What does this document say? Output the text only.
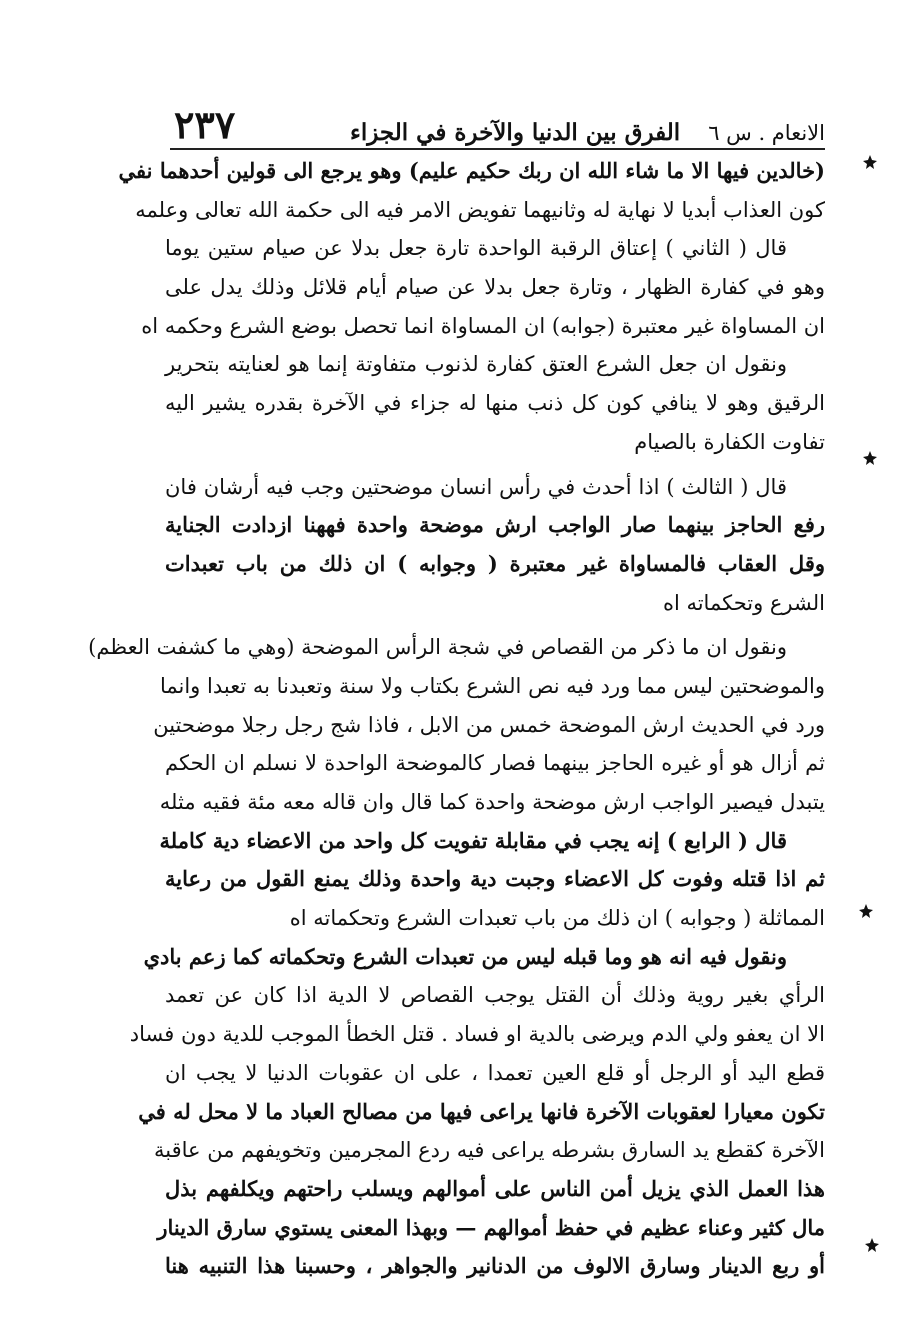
الانعام . س ٦
الفرق بين الدنيا والآخرة في الجزاء
٢٣٧
(خالدين فيها الا ما شاء الله ان ربك حكيم عليم) وهو يرجع الى قولين أحدهما نفي
كون العذاب أبديا لا نهاية له وثانيهما تفويض الامر فيه الى حكمة الله تعالى وعلمه
قال ( الثاني ) إعتاق الرقبة الواحدة تارة جعل بدلا عن صيام ستين يوما
وهو في كفارة الظهار ، وتارة جعل بدلا عن صيام أيام قلائل وذلك يدل على
ان المساواة غير معتبرة (جوابه) ان المساواة انما تحصل بوضع الشرع وحكمه اه
ونقول ان جعل الشرع العتق كفارة لذنوب متفاوتة إنما هو لعنايته بتحرير
الرقيق وهو لا ينافي كون كل ذنب منها له جزاء في الآخرة بقدره يشير اليه
تفاوت الكفارة بالصيام
قال ( الثالث ) اذا أحدث في رأس انسان موضحتين وجب فيه أرشان فان
رفع الحاجز بينهما صار الواجب ارش موضحة واحدة فههنا ازدادت الجناية
وقل العقاب فالمساواة غير معتبرة ( وجوابه ) ان ذلك من باب تعبدات
الشرع وتحكماته اه
ونقول ان ما ذكر من القصاص في شجة الرأس الموضحة (وهي ما كشفت العظم)
والموضحتين ليس مما ورد فيه نص الشرع بكتاب ولا سنة وتعبدنا به تعبدا وانما
ورد في الحديث ارش الموضحة خمس من الابل ، فاذا شج رجل رجلا موضحتين
ثم أزال هو أو غيره الحاجز بينهما فصار كالموضحة الواحدة لا نسلم ان الحكم
يتبدل فيصير الواجب ارش موضحة واحدة كما قال وان قاله معه مئة فقيه مثله
قال ( الرابع ) إنه يجب في مقابلة تفويت كل واحد من الاعضاء دية كاملة
ثم اذا قتله وفوت كل الاعضاء وجبت دية واحدة وذلك يمنع القول من رعاية
المماثلة ( وجوابه ) ان ذلك من باب تعبدات الشرع وتحكماته اه
ونقول فيه انه هو وما قبله ليس من تعبدات الشرع وتحكماته كما زعم بادي
الرأي بغير روية وذلك أن القتل يوجب القصاص لا الدية اذا كان عن تعمد
الا ان يعفو ولي الدم ويرضى بالدية او فساد . قتل الخطأ الموجب للدية دون فساد
قطع اليد أو الرجل أو قلع العين تعمدا ، على ان عقوبات الدنيا لا يجب ان
تكون معيارا لعقوبات الآخرة فانها يراعى فيها من مصالح العباد ما لا محل له في
الآخرة كقطع يد السارق بشرطه يراعى فيه ردع المجرمين وتخويفهم من عاقبة
هذا العمل الذي يزيل أمن الناس على أموالهم ويسلب راحتهم ويكلفهم بذل
مال كثير وعناء عظيم في حفظ أموالهم — وبهذا المعنى يستوي سارق الدينار
أو ربع الدينار وسارق الالوف من الدنانير والجواهر ، وحسبنا هذا التنبيه هنا
